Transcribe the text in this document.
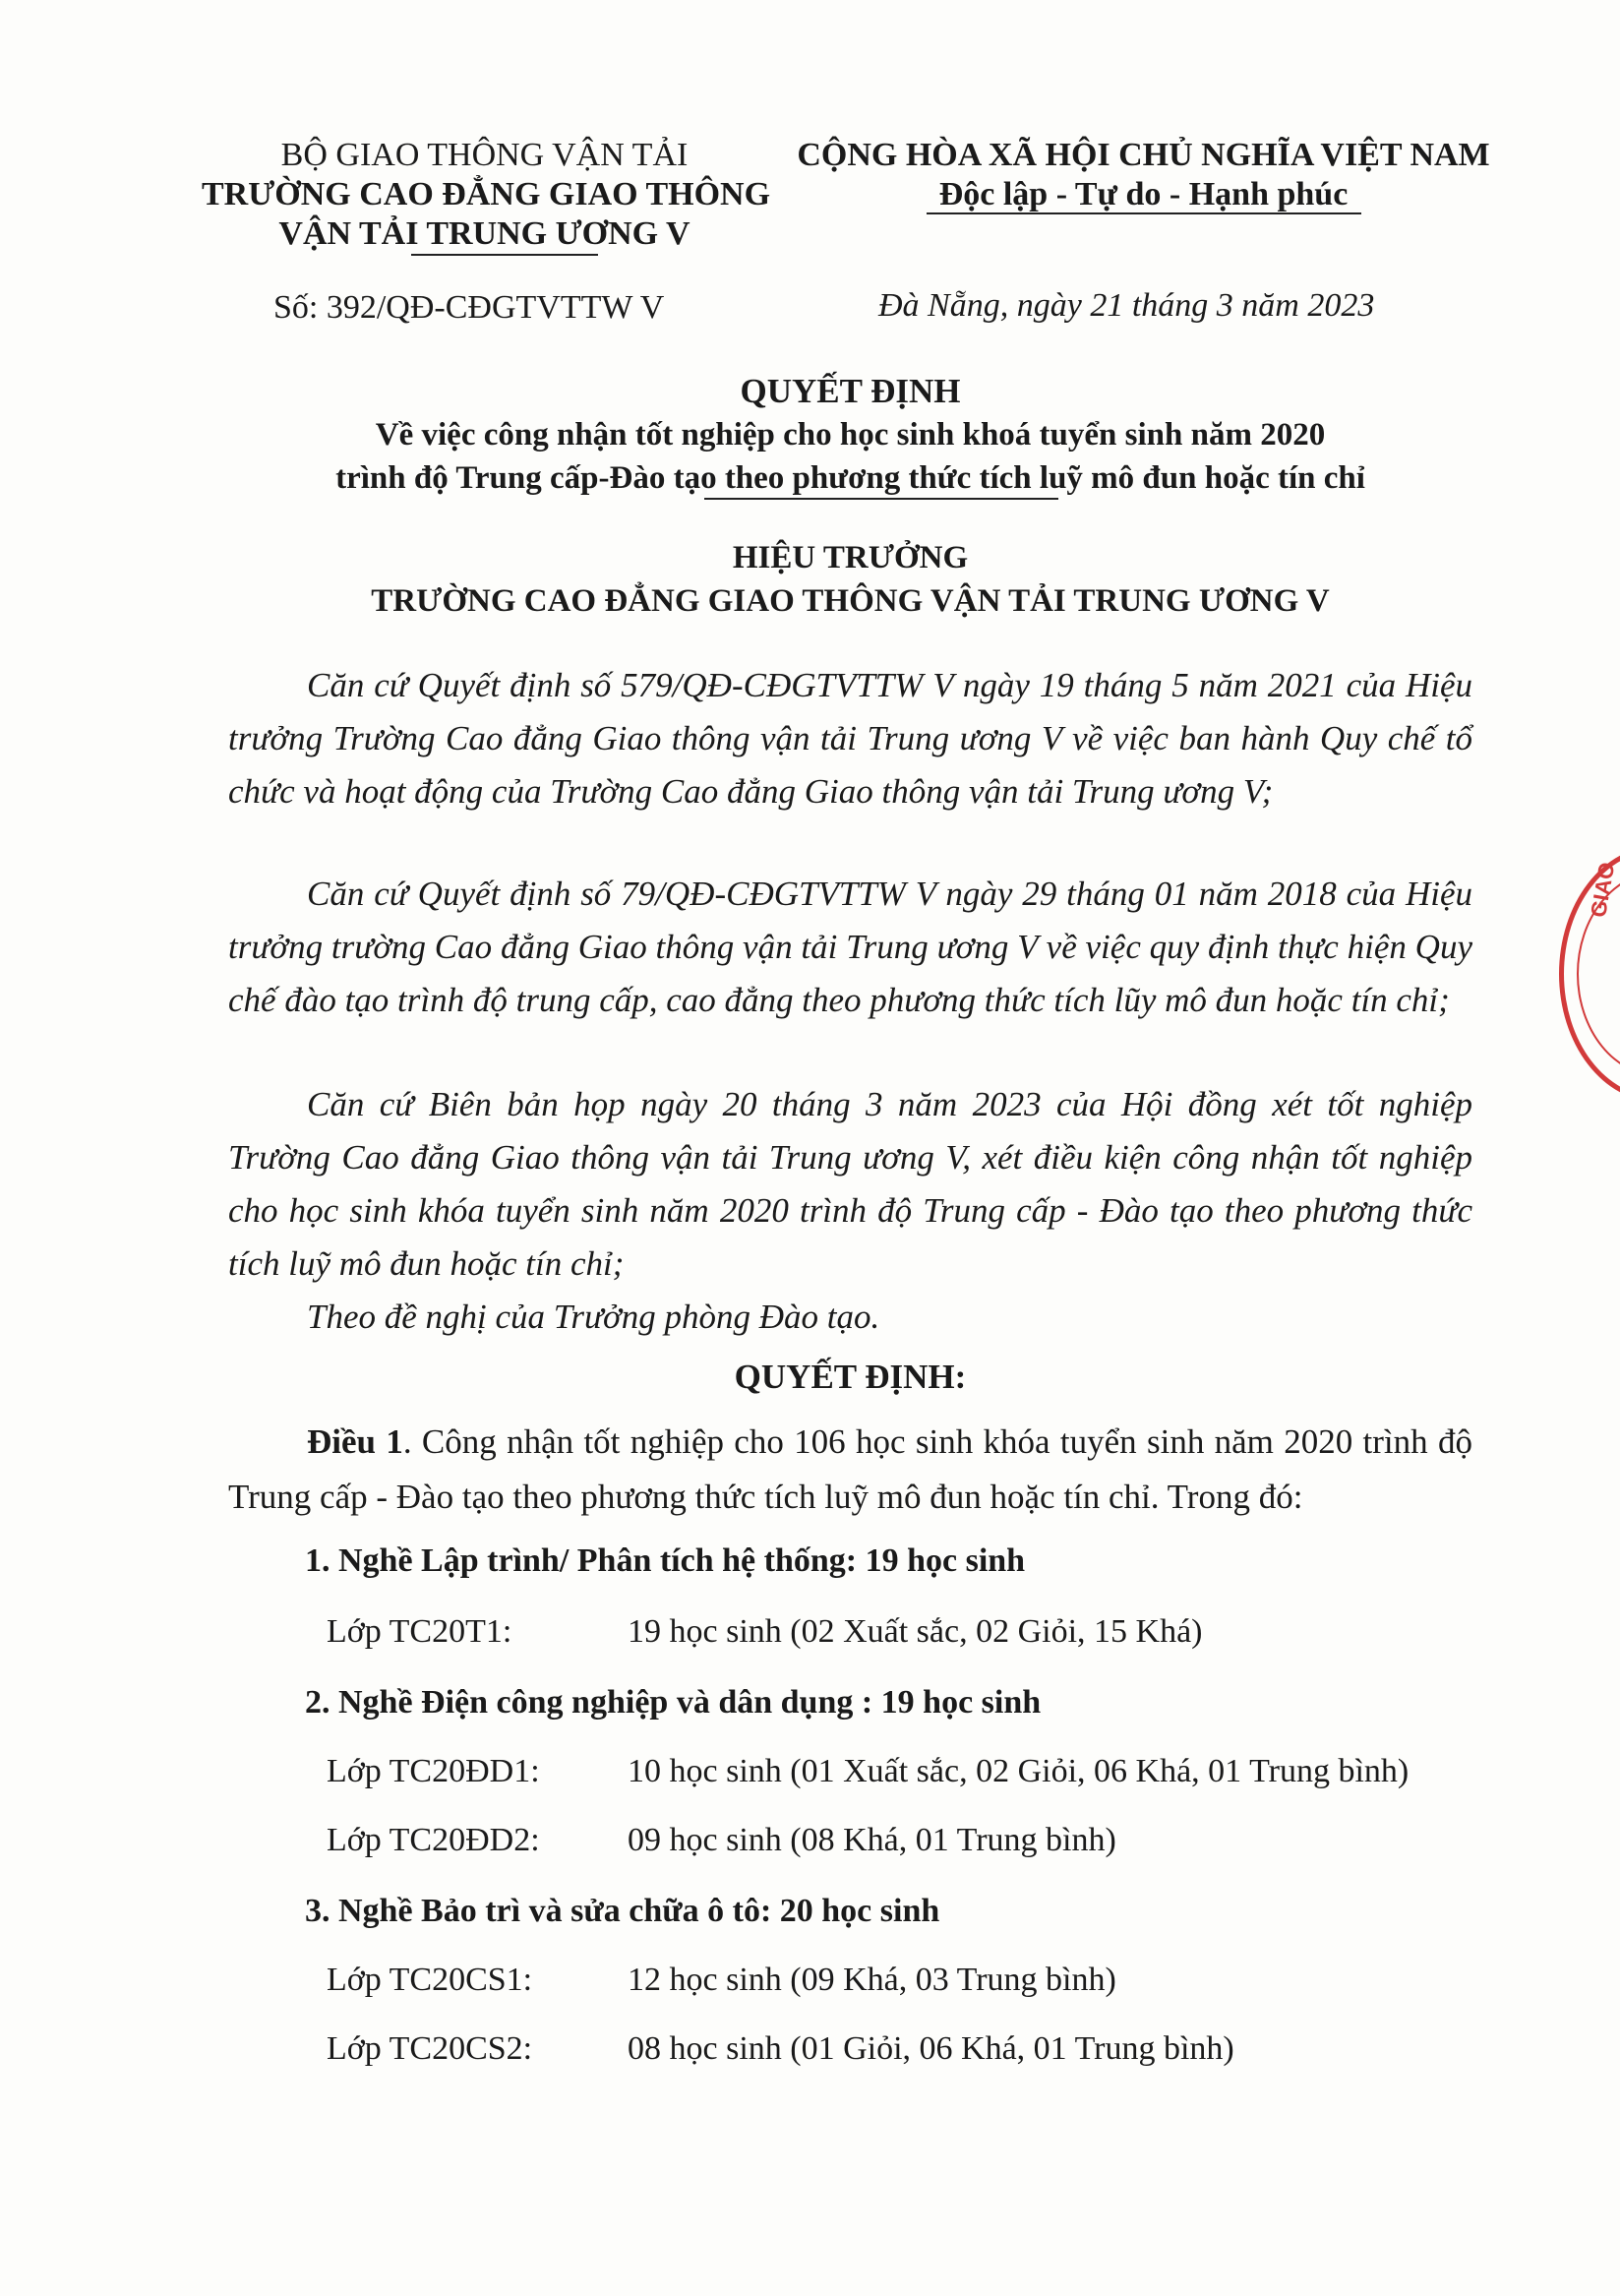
BỘ GIAO THÔNG VẬN TẢI
TRƯỜNG CAO ĐẲNG GIAO THÔNG
VẬN TẢI TRUNG ƯƠNG V
CỘNG HÒA XÃ HỘI CHỦ NGHĨA VIỆT NAM
Độc lập - Tự do - Hạnh phúc
Số: 392/QĐ-CĐGTVTTW V	Đà Nẵng, ngày 21 tháng 3 năm 2023
QUYẾT ĐỊNH
Về việc công nhận tốt nghiệp cho học sinh khoá tuyển sinh năm 2020
trình độ Trung cấp-Đào tạo theo phương thức tích luỹ mô đun hoặc tín chỉ
HIỆU TRƯỞNG
TRƯỜNG CAO ĐẲNG GIAO THÔNG VẬN TẢI TRUNG ƯƠNG V
Căn cứ Quyết định số 579/QĐ-CĐGTVTTW V ngày 19 tháng 5 năm 2021 của Hiệu trưởng Trường Cao đẳng Giao thông vận tải Trung ương V về việc ban hành Quy chế tổ chức và hoạt động của Trường Cao đẳng Giao thông vận tải Trung ương V;
Căn cứ Quyết định số 79/QĐ-CĐGTVTTW V ngày 29 tháng 01 năm 2018 của Hiệu trưởng trường Cao đẳng Giao thông vận tải Trung ương V về việc quy định thực hiện Quy chế đào tạo trình độ trung cấp, cao đẳng theo phương thức tích lũy mô đun hoặc tín chỉ;
Căn cứ Biên bản họp ngày 20 tháng 3 năm 2023 của Hội đồng xét tốt nghiệp Trường Cao đẳng Giao thông vận tải Trung ương V, xét điều kiện công nhận tốt nghiệp cho học sinh khóa tuyển sinh năm 2020 trình độ Trung cấp - Đào tạo theo phương thức tích luỹ mô đun hoặc tín chỉ;
Theo đề nghị của Trưởng phòng Đào tạo.
QUYẾT ĐỊNH:
Điều 1. Công nhận tốt nghiệp cho 106 học sinh khóa tuyển sinh năm 2020 trình độ Trung cấp - Đào tạo theo phương thức tích luỹ mô đun hoặc tín chỉ. Trong đó:
1. Nghề Lập trình/ Phân tích hệ thống: 19 học sinh
Lớp TC20T1:	19 học sinh (02 Xuất sắc, 02 Giỏi, 15 Khá)
2. Nghề Điện công nghiệp và dân dụng : 19 học sinh
Lớp TC20ĐD1:	10 học sinh (01 Xuất sắc, 02 Giỏi, 06 Khá, 01 Trung bình)
Lớp TC20ĐD2:	09 học sinh (08 Khá, 01 Trung bình)
3. Nghề Bảo trì và sửa chữa ô tô: 20 học sinh
Lớp TC20CS1:	12 học sinh (09 Khá, 03 Trung bình)
Lớp TC20CS2:	08 học sinh (01 Giỏi, 06 Khá, 01 Trung bình)
GIAO
